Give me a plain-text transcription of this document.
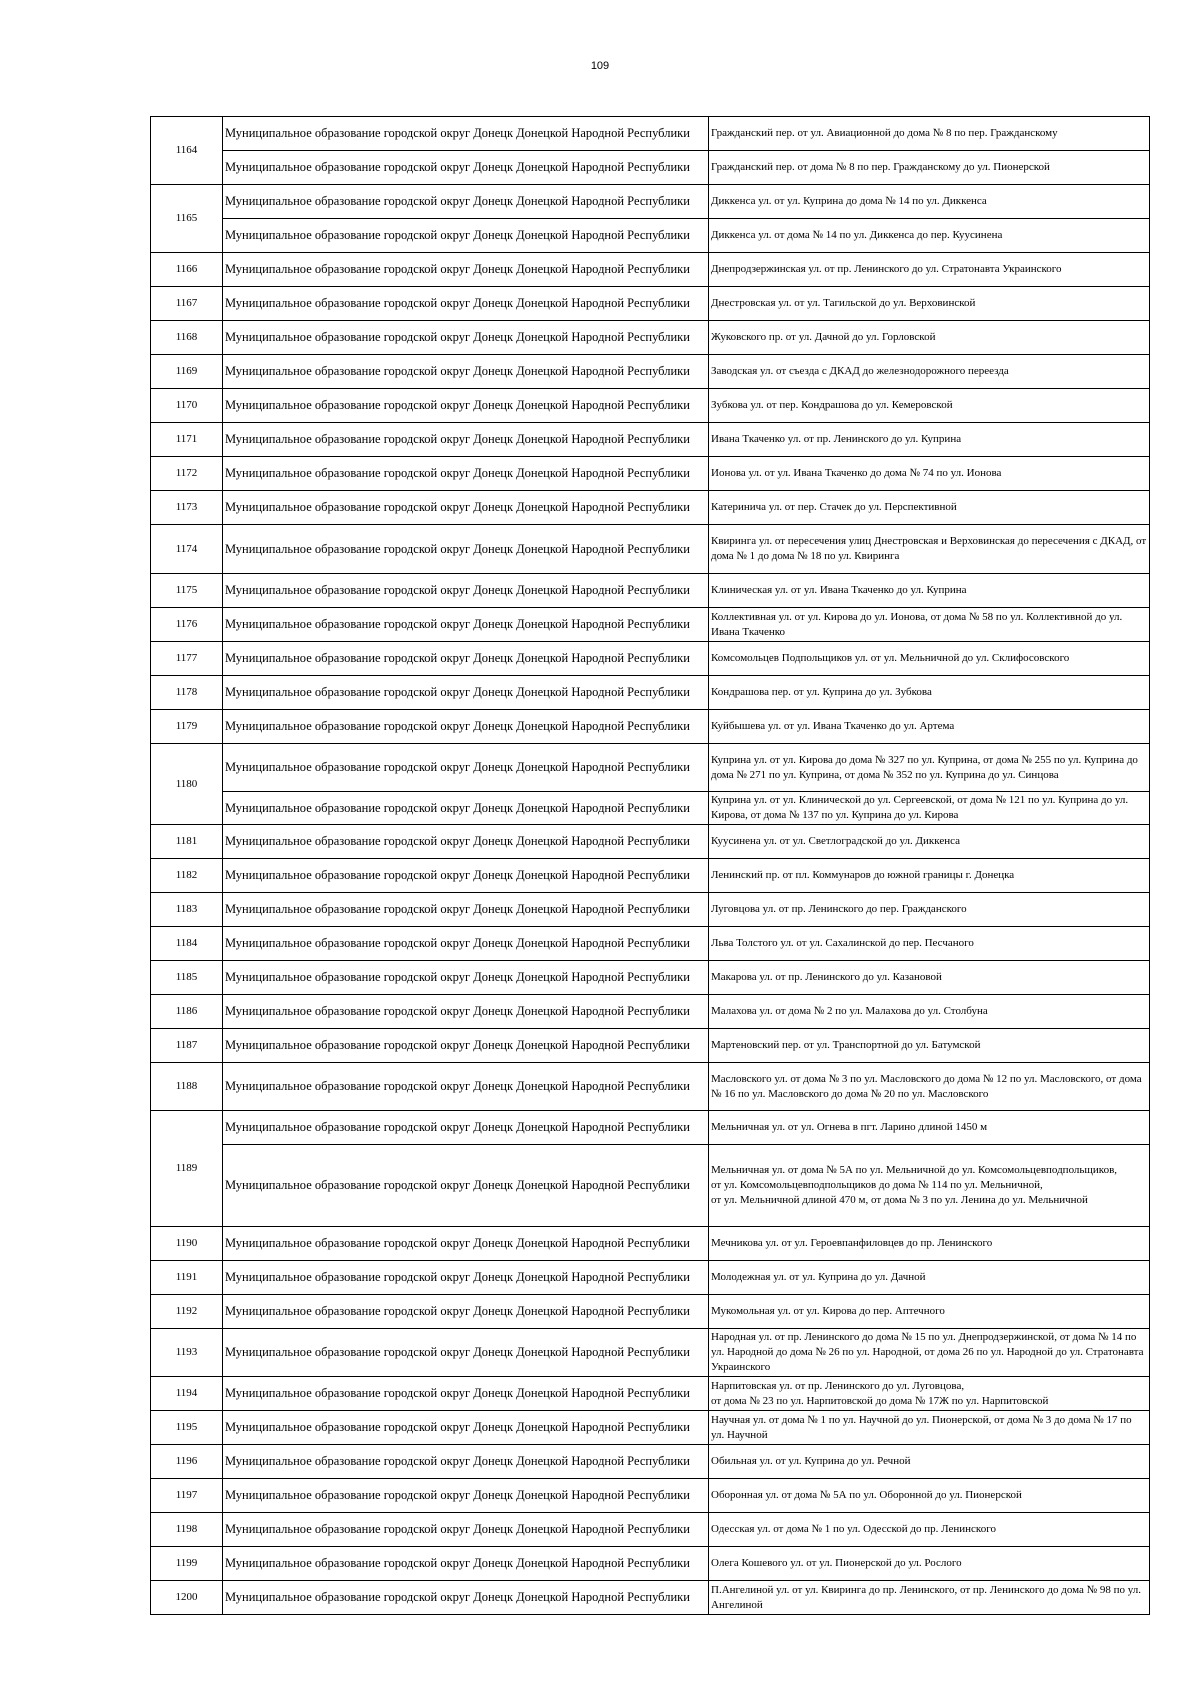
109
1164	Муниципальное образование городской округ Донецк Донецкой Народной Республики	Гражданский пер. от ул. Авиационной до дома № 8 по пер. Гражданскому
	Муниципальное образование городской округ Донецк Донецкой Народной Республики	Гражданский пер. от дома № 8 по пер. Гражданскому до ул. Пионерской
1165	Муниципальное образование городской округ Донецк Донецкой Народной Республики	Диккенса ул. от ул. Куприна до дома № 14 по ул. Диккенса
	Муниципальное образование городской округ Донецк Донецкой Народной Республики	Диккенса ул. от дома № 14 по ул. Диккенса до пер. Куусинена
1166	Муниципальное образование городской округ Донецк Донецкой Народной Республики	Днепродзержинская ул. от пр. Ленинского до ул. Стратонавта Украинского
1167	Муниципальное образование городской округ Донецк Донецкой Народной Республики	Днестровская ул. от ул. Тагильской до ул. Верховинской
1168	Муниципальное образование городской округ Донецк Донецкой Народной Республики	Жуковского пр. от ул. Дачной до ул. Горловской
1169	Муниципальное образование городской округ Донецк Донецкой Народной Республики	Заводская ул. от съезда с ДКАД до железнодорожного переезда
1170	Муниципальное образование городской округ Донецк Донецкой Народной Республики	Зубкова ул. от пер. Кондрашова до ул. Кемеровской
1171	Муниципальное образование городской округ Донецк Донецкой Народной Республики	Ивана Ткаченко ул. от пр. Ленинского до ул. Куприна
1172	Муниципальное образование городской округ Донецк Донецкой Народной Республики	Ионова ул. от ул. Ивана Ткаченко до дома № 74 по ул. Ионова
1173	Муниципальное образование городской округ Донецк Донецкой Народной Республики	Катеринича ул. от пер. Стачек до ул. Перспективной
1174	Муниципальное образование городской округ Донецк Донецкой Народной Республики	Квиринга ул. от пересечения улиц Днестровская и Верховинская до пересечения с ДКАД, от дома № 1 до дома № 18 по ул. Квиринга
1175	Муниципальное образование городской округ Донецк Донецкой Народной Республики	Клиническая ул. от ул. Ивана Ткаченко до ул. Куприна
1176	Муниципальное образование городской округ Донецк Донецкой Народной Республики	Коллективная ул. от ул. Кирова до ул. Ионова, от дома № 58 по ул. Коллективной до ул. Ивана Ткаченко
1177	Муниципальное образование городской округ Донецк Донецкой Народной Республики	Комсомольцев Подпольщиков ул. от ул. Мельничной до ул. Склифосовского
1178	Муниципальное образование городской округ Донецк Донецкой Народной Республики	Кондрашова пер. от ул. Куприна до ул. Зубкова
1179	Муниципальное образование городской округ Донецк Донецкой Народной Республики	Куйбышева ул. от ул. Ивана Ткаченко до ул. Артема
1180	Муниципальное образование городской округ Донецк Донецкой Народной Республики	Куприна ул. от ул. Кирова до дома № 327 по ул. Куприна, от дома № 255 по ул. Куприна до дома № 271 по ул. Куприна, от дома № 352 по ул. Куприна до ул. Синцова
	Муниципальное образование городской округ Донецк Донецкой Народной Республики	Куприна ул. от ул. Клинической до ул. Сергеевской, от дома № 121 по ул. Куприна до ул. Кирова, от дома № 137 по ул. Куприна до ул. Кирова
1181	Муниципальное образование городской округ Донецк Донецкой Народной Республики	Куусинена ул. от ул. Светлоградской до ул. Диккенса
1182	Муниципальное образование городской округ Донецк Донецкой Народной Республики	Ленинский пр. от пл. Коммунаров до южной границы г. Донецка
1183	Муниципальное образование городской округ Донецк Донецкой Народной Республики	Луговцова ул. от пр. Ленинского до пер. Гражданского
1184	Муниципальное образование городской округ Донецк Донецкой Народной Республики	Льва Толстого ул. от ул. Сахалинской до пер. Песчаного
1185	Муниципальное образование городской округ Донецк Донецкой Народной Республики	Макарова ул. от пр. Ленинского до ул. Казановой
1186	Муниципальное образование городской округ Донецк Донецкой Народной Республики	Малахова ул. от дома № 2 по ул. Малахова до ул. Столбуна
1187	Муниципальное образование городской округ Донецк Донецкой Народной Республики	Мартеновский пер. от ул. Транспортной до ул. Батумской
1188	Муниципальное образование городской округ Донецк Донецкой Народной Республики	Масловского ул. от дома № 3 по ул. Масловского до дома № 12 по ул. Масловского, от дома № 16 по ул. Масловского до дома № 20 по ул. Масловского
1189	Муниципальное образование городской округ Донецк Донецкой Народной Республики	Мельничная ул. от ул. Огнева в пгт. Ларино длиной 1450 м
	Муниципальное образование городской округ Донецк Донецкой Народной Республики	Мельничная ул. от дома № 5А по ул. Мельничной до ул. Комсомольцевподпольщиков,
от ул. Комсомольцевподпольщиков до дома № 114 по ул. Мельничной,
от ул. Мельничной длиной 470 м, от дома № 3 по ул. Ленина до ул. Мельничной
1190	Муниципальное образование городской округ Донецк Донецкой Народной Республики	Мечникова ул. от ул. Героевпанфиловцев до пр. Ленинского
1191	Муниципальное образование городской округ Донецк Донецкой Народной Республики	Молодежная ул. от ул. Куприна до ул. Дачной
1192	Муниципальное образование городской округ Донецк Донецкой Народной Республики	Мукомольная ул. от ул. Кирова до пер. Аптечного
1193	Муниципальное образование городской округ Донецк Донецкой Народной Республики	Народная ул. от пр. Ленинского до дома № 15 по ул. Днепродзержинской, от дома № 14 по ул. Народной до дома № 26 по ул. Народной, от дома 26 по ул. Народной до ул. Стратонавта Украинского
1194	Муниципальное образование городской округ Донецк Донецкой Народной Республики	Нарпитовская ул. от пр. Ленинского до ул. Луговцова,
от дома № 23 по ул. Нарпитовской до дома № 17Ж по ул. Нарпитовской
1195	Муниципальное образование городской округ Донецк Донецкой Народной Республики	Научная ул. от дома № 1 по ул. Научной до ул. Пионерской, от дома № 3 до дома № 17 по ул. Научной
1196	Муниципальное образование городской округ Донецк Донецкой Народной Республики	Обильная ул. от ул. Куприна до ул. Речной
1197	Муниципальное образование городской округ Донецк Донецкой Народной Республики	Оборонная ул. от дома № 5А по ул. Оборонной до ул. Пионерской
1198	Муниципальное образование городской округ Донецк Донецкой Народной Республики	Одесская ул. от дома № 1 по ул. Одесской до пр. Ленинского
1199	Муниципальное образование городской округ Донецк Донецкой Народной Республики	Олега Кошевого ул. от ул. Пионерской до ул. Рослого
1200	Муниципальное образование городской округ Донецк Донецкой Народной Республики	П.Ангелиной ул. от ул. Квиринга до пр. Ленинского, от пр. Ленинского до дома № 98 по ул. Ангелиной
